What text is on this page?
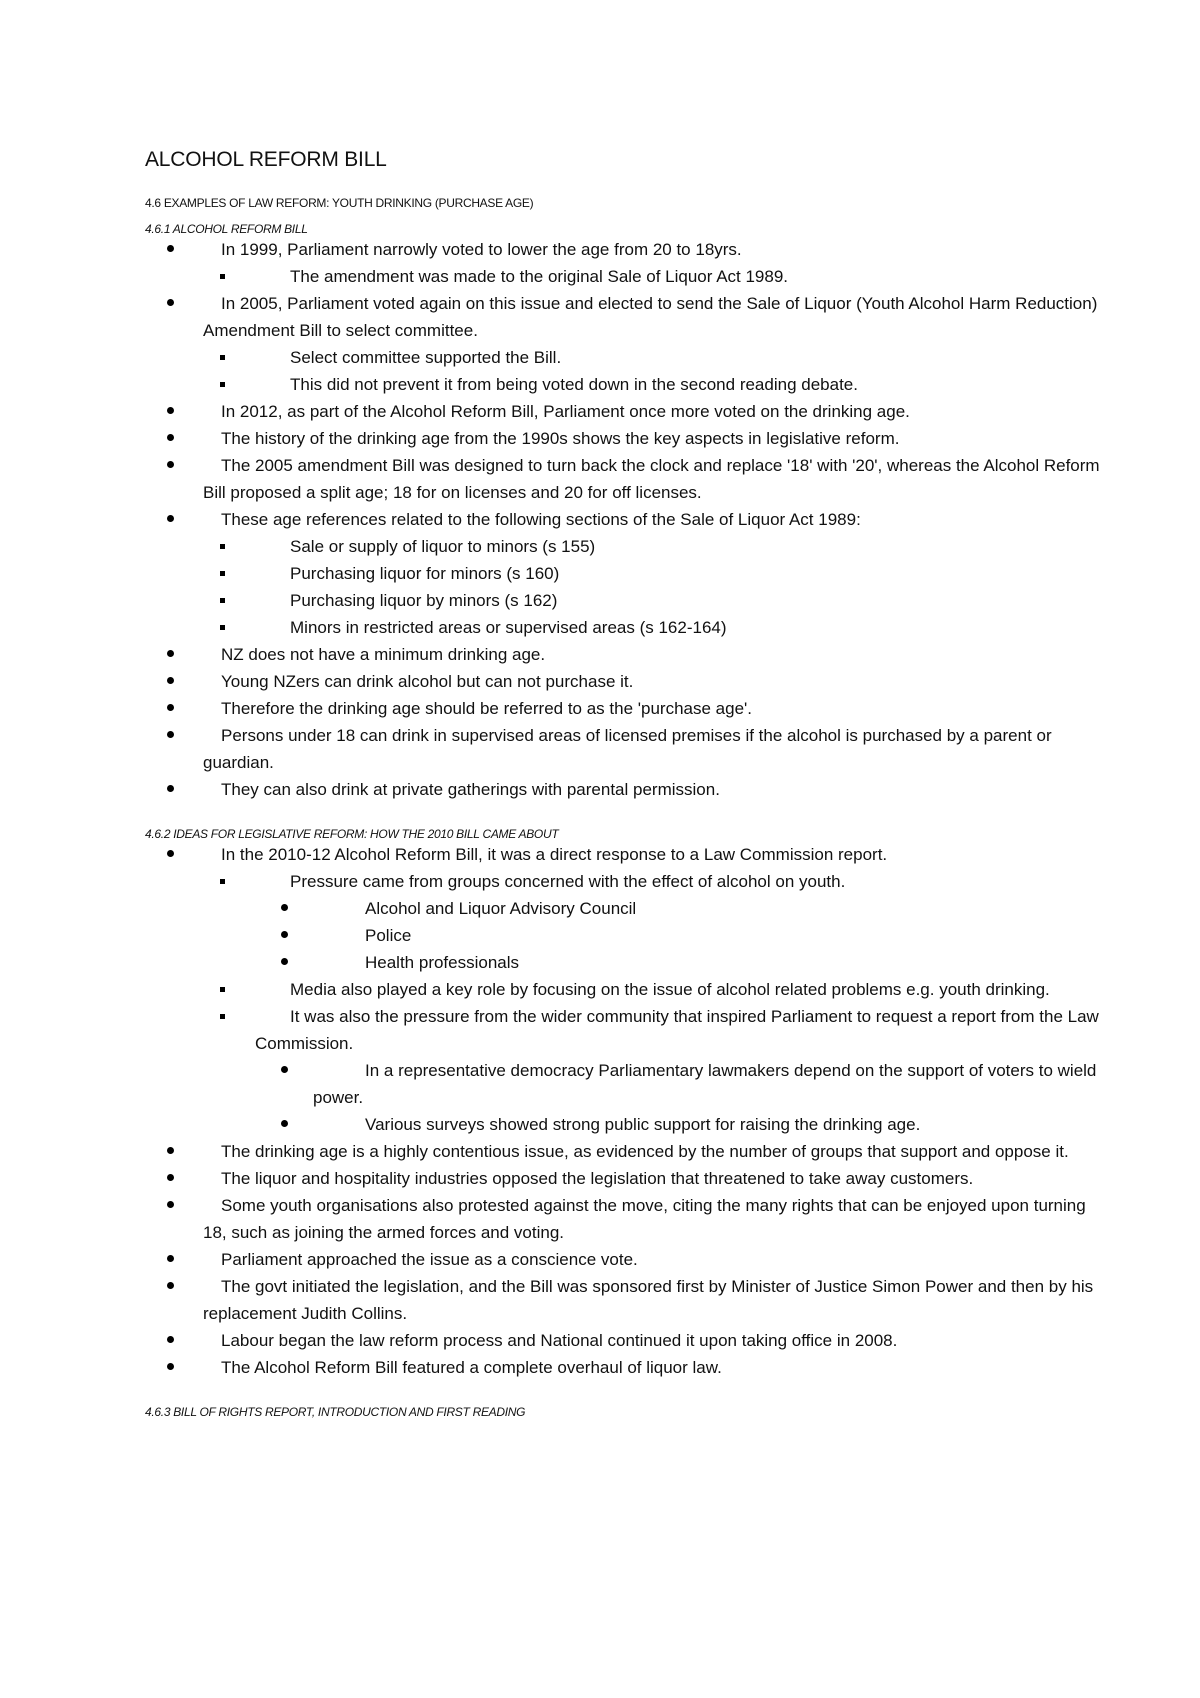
ALCOHOL REFORM BILL
4.6 EXAMPLES OF LAW REFORM: YOUTH DRINKING (PURCHASE AGE)
4.6.1 ALCOHOL REFORM BILL
In 1999, Parliament narrowly voted to lower the age from 20 to 18yrs.
The amendment was made to the original Sale of Liquor Act 1989.
In 2005, Parliament voted again on this issue and elected to send the Sale of Liquor (Youth Alcohol Harm Reduction) Amendment Bill to select committee.
Select committee supported the Bill.
This did not prevent it from being voted down in the second reading debate.
In 2012, as part of the Alcohol Reform Bill, Parliament once more voted on the drinking age.
The history of the drinking age from the 1990s shows the key aspects in legislative reform.
The 2005 amendment Bill was designed to turn back the clock and replace '18' with '20', whereas the Alcohol Reform Bill proposed a split age; 18 for on licenses and 20 for off licenses.
These age references related to the following sections of the Sale of Liquor Act 1989:
Sale or supply of liquor to minors (s 155)
Purchasing liquor for minors (s 160)
Purchasing liquor by minors (s 162)
Minors in restricted areas or supervised areas (s 162-164)
NZ does not have a minimum drinking age.
Young NZers can drink alcohol but can not purchase it.
Therefore the drinking age should be referred to as the 'purchase age'.
Persons under 18 can drink in supervised areas of licensed premises if the alcohol is purchased by a parent or guardian.
They can also drink at private gatherings with parental permission.
4.6.2 IDEAS FOR LEGISLATIVE REFORM: HOW THE 2010 BILL CAME ABOUT
In the 2010-12 Alcohol Reform Bill, it was a direct response to a Law Commission report.
Pressure came from groups concerned with the effect of alcohol on youth.
Alcohol and Liquor Advisory Council
Police
Health professionals
Media also played a key role by focusing on the issue of alcohol related problems e.g. youth drinking.
It was also the pressure from the wider community that inspired Parliament to request a report from the Law Commission.
In a representative democracy Parliamentary lawmakers depend on the support of voters to wield power.
Various surveys showed strong public support for raising the drinking age.
The drinking age is a highly contentious issue, as evidenced by the number of groups that support and oppose it.
The liquor and hospitality industries opposed the legislation that threatened to take away customers.
Some youth organisations also protested against the move, citing the many rights that can be enjoyed upon turning 18, such as joining the armed forces and voting.
Parliament approached the issue as a conscience vote.
The govt initiated the legislation, and the Bill was sponsored first by Minister of Justice Simon Power and then by his replacement Judith Collins.
Labour began the law reform process and National continued it upon taking office in 2008.
The Alcohol Reform Bill featured a complete overhaul of liquor law.
4.6.3 BILL OF RIGHTS REPORT, INTRODUCTION AND FIRST READING
